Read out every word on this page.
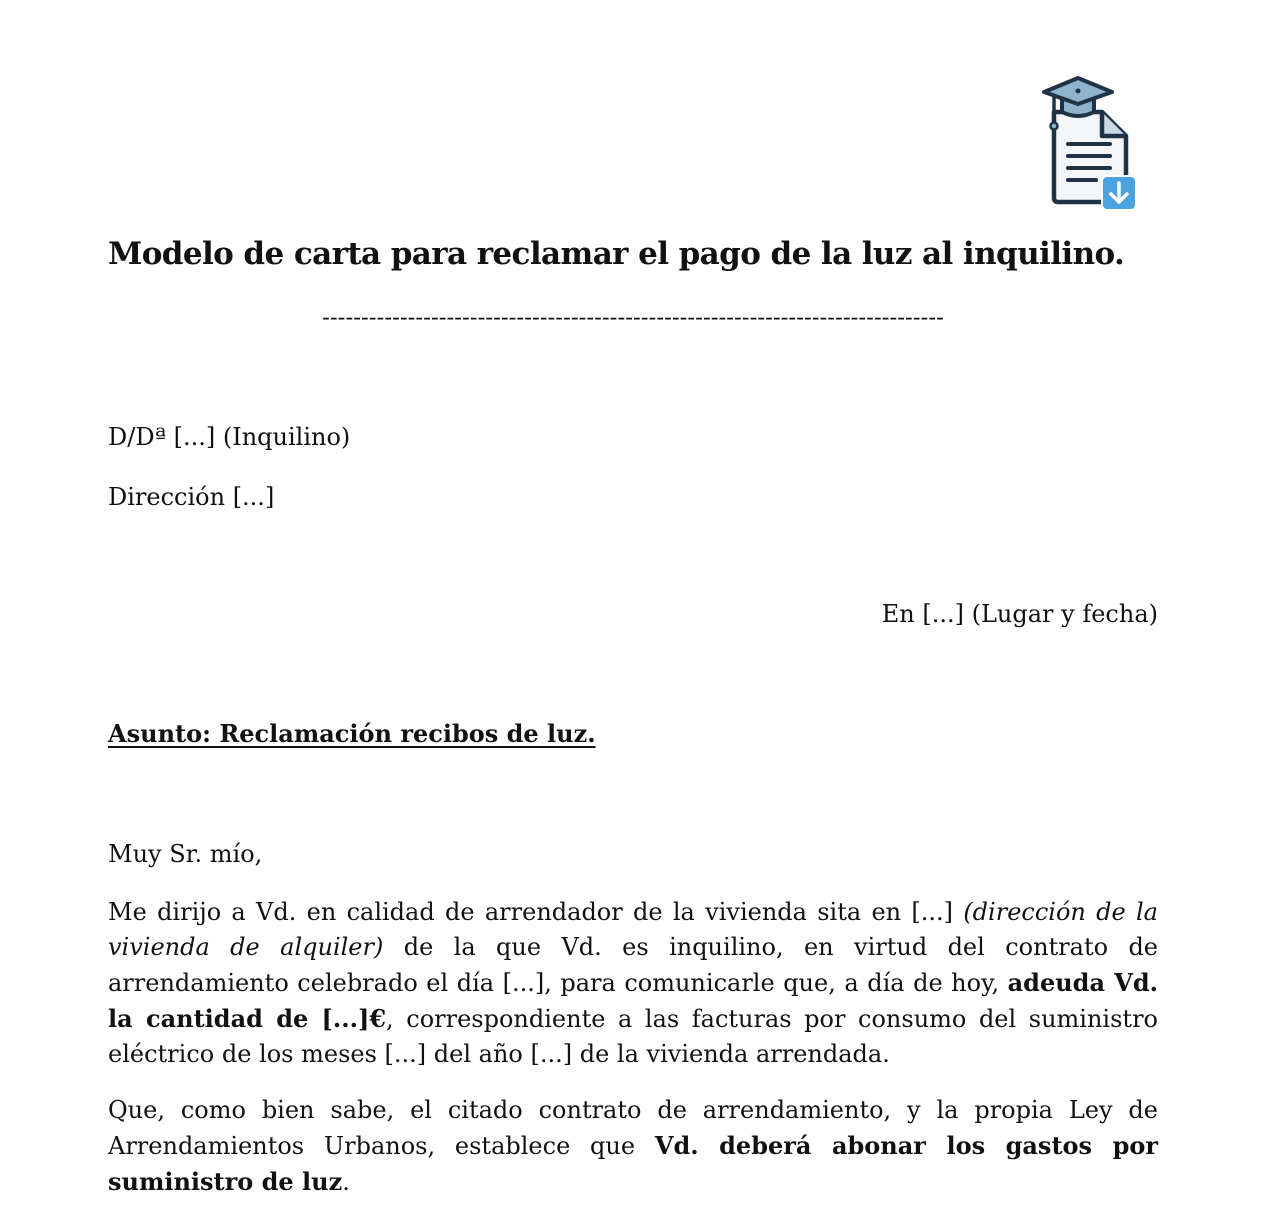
Modelo de carta para reclamar el pago de la luz al inquilino.
--------------------------------------------------------------------------------
D/Dª [...] (Inquilino)
Dirección [...]
En [...] (Lugar y fecha)
Asunto: Reclamación recibos de luz.
Muy Sr. mío,

Me dirijo a Vd. en calidad de arrendador de la vivienda sita en [...] (dirección de la vivienda de alquiler) de la que Vd. es inquilino, en virtud del contrato de arrendamiento celebrado el día [...], para comunicarle que, a día de hoy, adeuda Vd. la cantidad de [...]€, correspondiente a las facturas por consumo del suministro eléctrico de los meses [...] del año [...] de la vivienda arrendada.

Que, como bien sabe, el citado contrato de arrendamiento, y la propia Ley de Arrendamientos Urbanos, establece que Vd. deberá abonar los gastos por suministro de luz.
